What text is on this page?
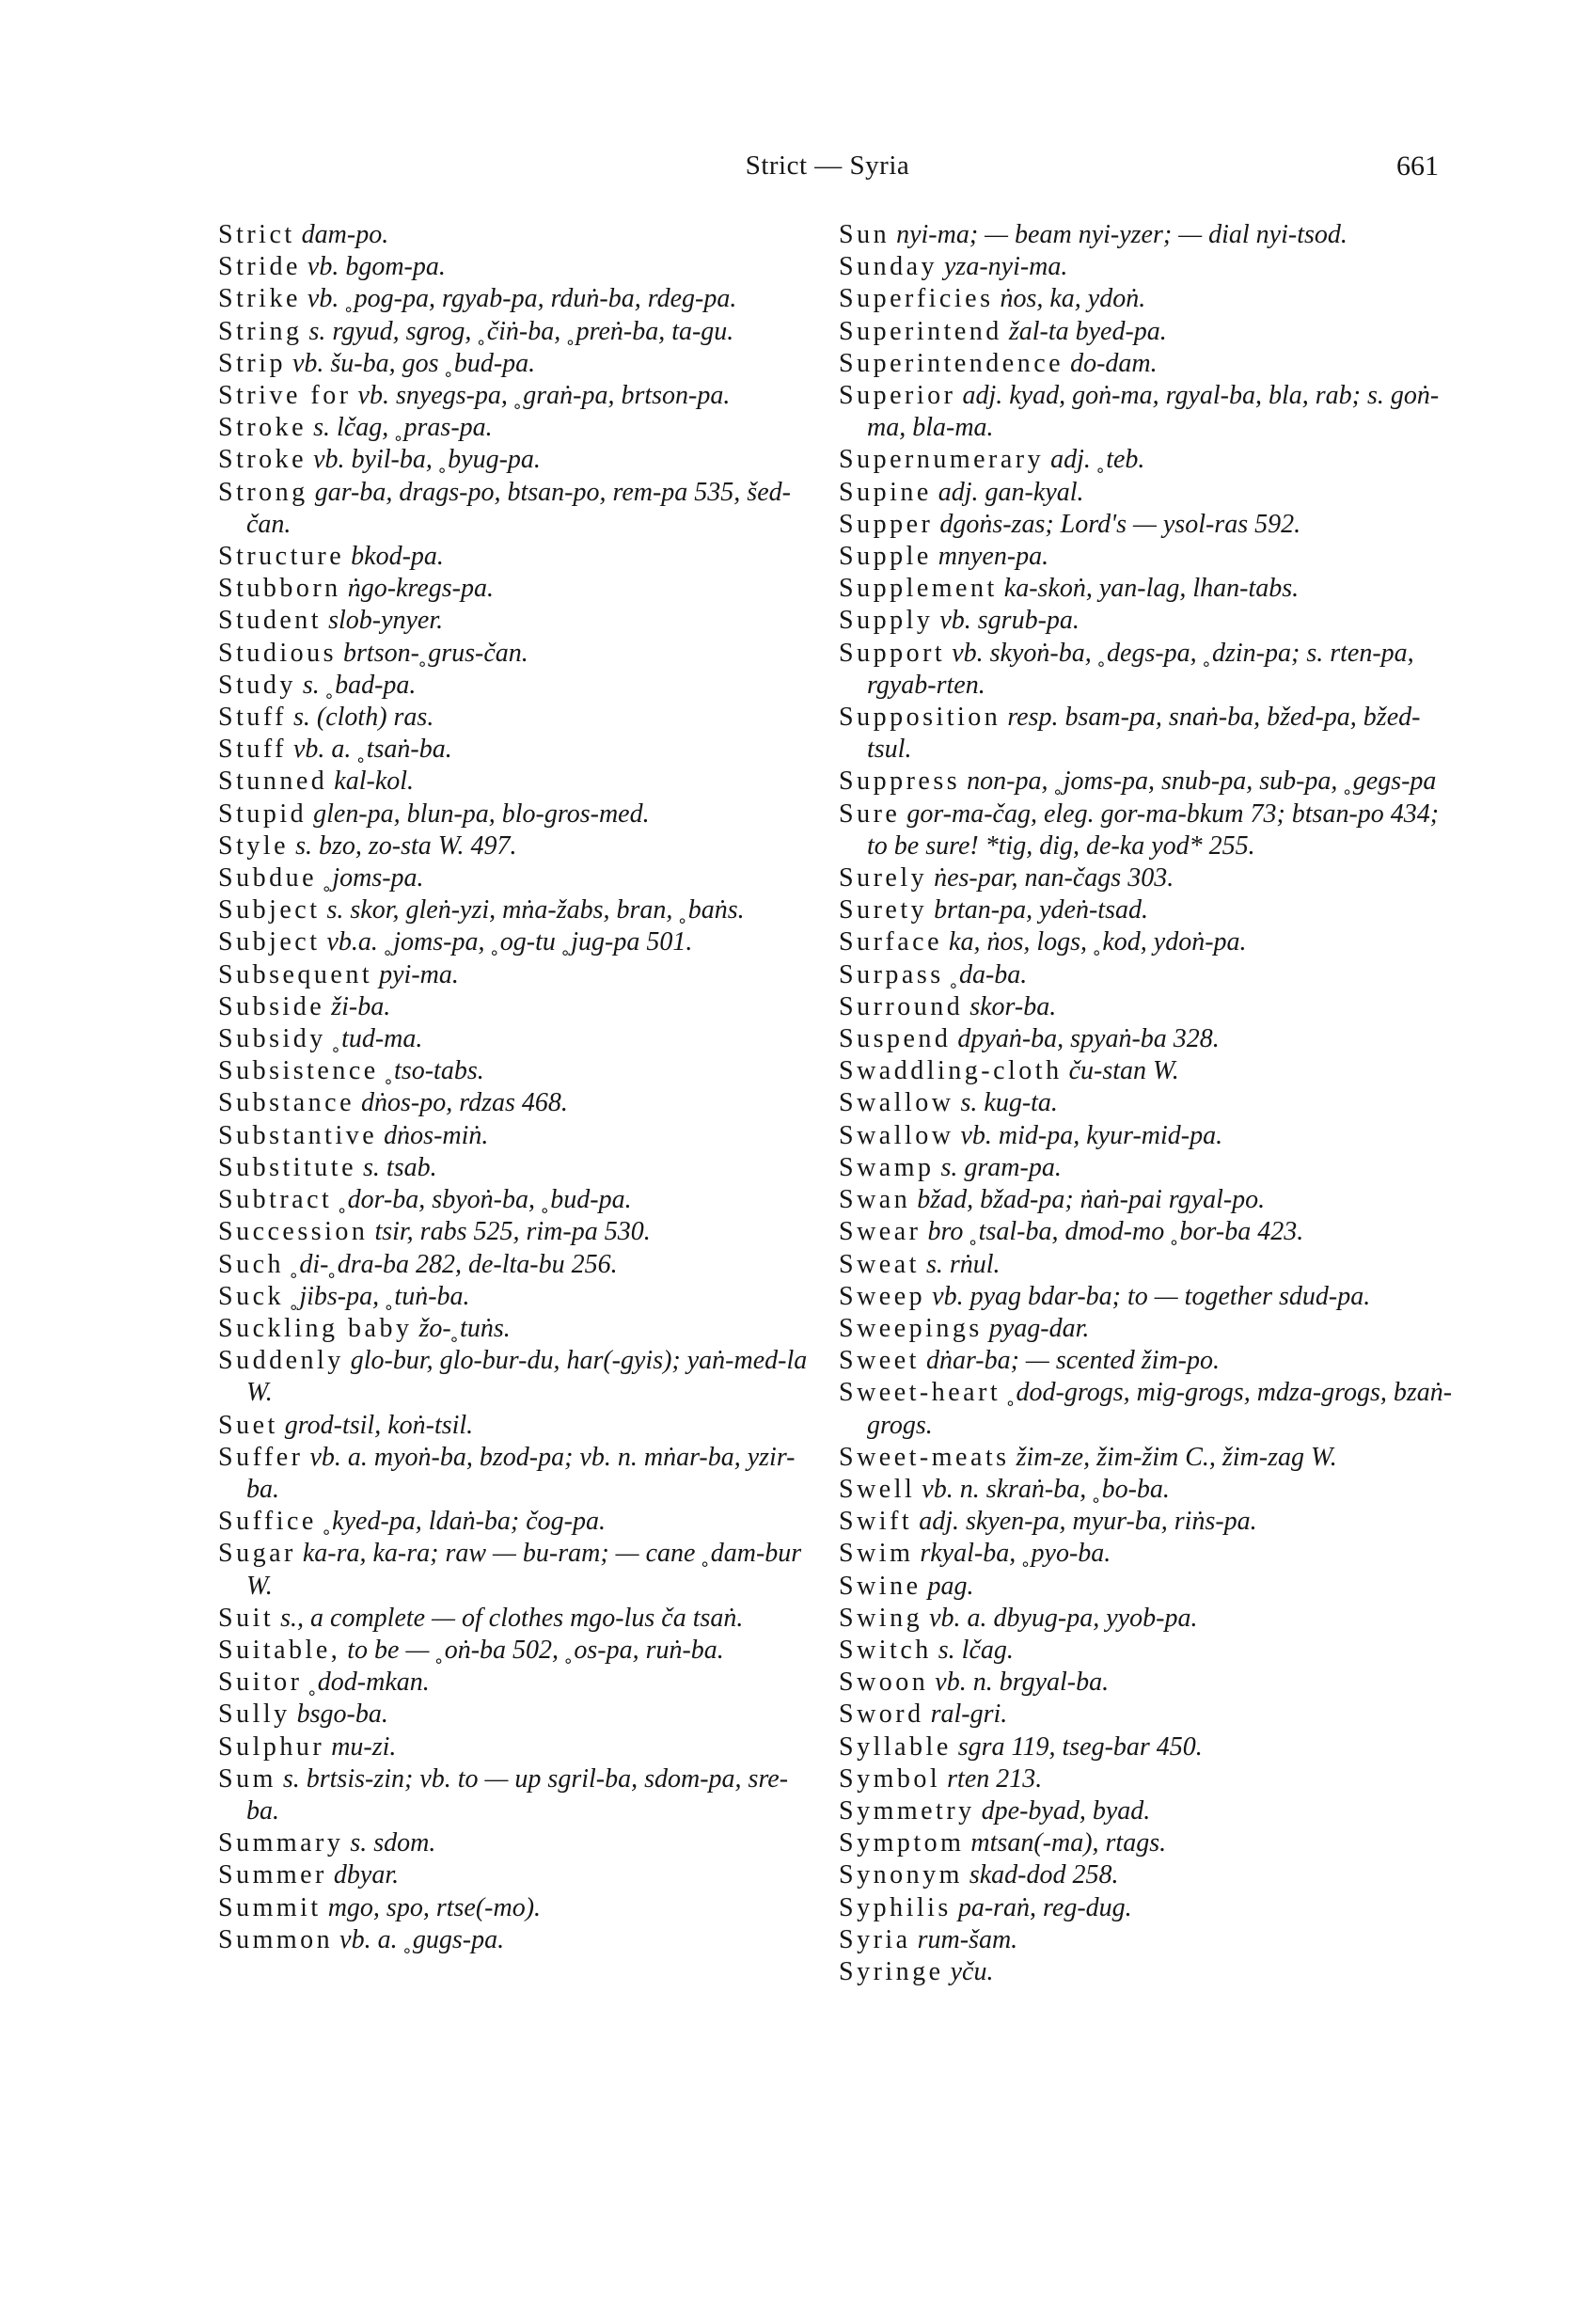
Strict — Syria	661

Strict dam-po.

Stride vb. bgom-pa.

Strike vb. ˳pog-pa, rgyab-pa, rduṅ-ba, rdeg-pa.

String s. rgyud, sgrog, ˳čiṅ-ba, ˳preṅ-ba, ta-gu.

Strip vb. šu-ba, gos ˳bud-pa.

Strive for vb. snyegs-pa, ˳graṅ-pa, brtson-pa.

Stroke s. lčag, ˳pras-pa.

Stroke vb. byil-ba, ˳byug-pa.

Strong gar-ba, drags-po, btsan-po, rem-pa 535, šed-čan.

Structure bkod-pa.

Stubborn ṅgo-kregs-pa.

Student slob-ynyer.

Studious brtson-˳grus-čan.

Study s. ˳bad-pa.

Stuff s. (cloth) ras.

Stuff vb. a. ˳tsaṅ-ba.

Stunned kal-kol.

Stupid glen-pa, blun-pa, blo-gros-med.

Style s. bzo, zo-sta W. 497.

Subdue ˳joms-pa.

Subject s. skor, gleṅ-yzi, mṅa-žabs, bran, ˳baṅs.

Subject vb.a. ˳joms-pa, ˳og-tu ˳jug-pa 501.

Subsequent pyi-ma.

Subside ži-ba.

Subsidy ˳tud-ma.

Subsistence ˳tso-tabs.

Substance dṅos-po, rdzas 468.

Substantive dṅos-miṅ.

Substitute s. tsab.

Subtract ˳dor-ba, sbyoṅ-ba, ˳bud-pa.

Succession tsir, rabs 525, rim-pa 530.

Such ˳di-˳dra-ba 282, de-lta-bu 256.

Suck ˳jibs-pa, ˳tuṅ-ba.

Suckling baby žo-˳tuṅs.

Suddenly glo-bur, glo-bur-du, har(-gyis); yaṅ-med-la W.

Suet grod-tsil, koṅ-tsil.

Suffer vb. a. myoṅ-ba, bzod-pa; vb. n. mṅar-ba, yzir-ba.

Suffice ˳kyed-pa, ldaṅ-ba; čog-pa.

Sugar ka-ra, ka-ra; raw — bu-ram; — cane ˳dam-bur W.

Suit s., a complete — of clothes mgo-lus ča tsaṅ.

Suitable, to be — ˳oṅ-ba 502, ˳os-pa, ruṅ-ba.

Suitor ˳dod-mkan.

Sully bsgo-ba.

Sulphur mu-zi.

Sum s. brtsis-zin; vb. to — up sgril-ba, sdom-pa, sre-ba.

Summary s. sdom.

Summer dbyar.

Summit mgo, spo, rtse(-mo).

Summon vb. a. ˳gugs-pa.

Sun nyi-ma; — beam nyi-yzer; — dial nyi-tsod.

Sunday yza-nyi-ma.

Superficies ṅos, ka, ydoṅ.

Superintend žal-ta byed-pa.

Superintendence do-dam.

Superior adj. kyad, goṅ-ma, rgyal-ba, bla, rab; s. goṅ-ma, bla-ma.

Supernumerary adj. ˳teb.

Supine adj. gan-kyal.

Supper dgoṅs-zas; Lord's — ysol-ras 592.

Supple mnyen-pa.

Supplement ka-skoṅ, yan-lag, lhan-tabs.

Supply vb. sgrub-pa.

Support vb. skyoṅ-ba, ˳degs-pa, ˳dzin-pa; s. rten-pa, rgyab-rten.

Supposition resp. bsam-pa, snaṅ-ba, bžed-pa, bžed-tsul.

Suppress non-pa, ˳joms-pa, snub-pa, sub-pa, ˳gegs-pa

Sure gor-ma-čag, eleg. gor-ma-bkum 73; btsan-po 434; to be sure! *tig, dig, de-ka yod* 255.

Surely ṅes-par, nan-čags 303.

Surety brtan-pa, ydeṅ-tsad.

Surface ka, ṅos, logs, ˳kod, ydoṅ-pa.

Surpass ˳da-ba.

Surround skor-ba.

Suspend dpyaṅ-ba, spyaṅ-ba 328.

Swaddling-cloth ču-stan W.

Swallow s. kug-ta.

Swallow vb. mid-pa, kyur-mid-pa.

Swamp s. gram-pa.

Swan bžad, bžad-pa; ṅaṅ-pai rgyal-po.

Swear bro ˳tsal-ba, dmod-mo ˳bor-ba 423.

Sweat s. rṅul.

Sweep vb. pyag bdar-ba; to — together sdud-pa.

Sweepings pyag-dar.

Sweet dṅar-ba; — scented žim-po.

Sweet-heart ˳dod-grogs, mig-grogs, mdza-grogs, bzaṅ-grogs.

Sweet-meats žim-ze, žim-žim C., žim-zag W.

Swell vb. n. skraṅ-ba, ˳bo-ba.

Swift adj. skyen-pa, myur-ba, riṅs-pa.

Swim rkyal-ba, ˳pyo-ba.

Swine pag.

Swing vb. a. dbyug-pa, yyob-pa.

Switch s. lčag.

Swoon vb. n. brgyal-ba.

Sword ral-gri.

Syllable sgra 119, tseg-bar 450.

Symbol rten 213.

Symmetry dpe-byad, byad.

Symptom mtsan(-ma), rtags.

Synonym skad-dod 258.

Syphilis pa-raṅ, reg-dug.

Syria rum-šam.

Syringe yču.
